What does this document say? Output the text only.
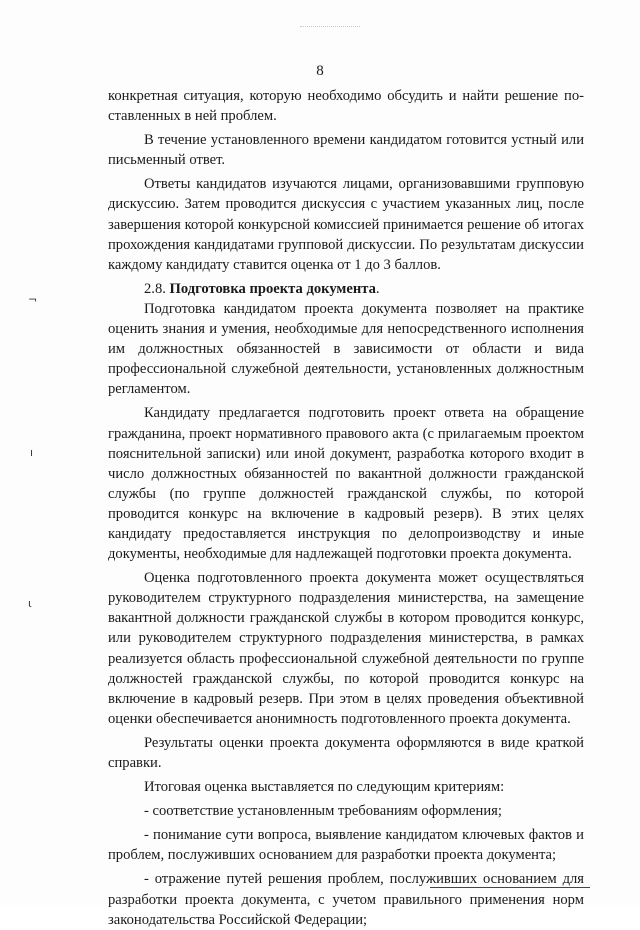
8
¬
ı
ɩ

конкретная ситуация, которую необходимо обсудить и найти решение поставленных в ней проблем.

В течение установленного времени кандидатом готовится устный или письменный ответ.

Ответы кандидатов изучаются лицами, организовавшими групповую дискуссию. Затем проводится дискуссия с участием указанных лиц, после завершения которой конкурсной комиссией принимается решение об итогах прохождения кандидатами групповой дискуссии. По результатам дискуссии каждому кандидату ставится оценка от 1 до 3 баллов.

2.8. Подготовка проекта документа.

Подготовка кандидатом проекта документа позволяет на практике оценить знания и умения, необходимые для непосредственного исполнения им должностных обязанностей в зависимости от области и вида профессиональной служебной деятельности, установленных должностным регламентом.

Кандидату предлагается подготовить проект ответа на обращение гражданина, проект нормативного правового акта (с прилагаемым проектом пояснительной записки) или иной документ, разработка которого входит в число должностных обязанностей по вакантной должности гражданской службы (по группе должностей гражданской службы, по которой проводится конкурс на включение в кадровый резерв). В этих целях кандидату предоставляется инструкция по делопроизводству и иные документы, необходимые для надлежащей подготовки проекта документа.

Оценка подготовленного проекта документа может осуществляться руководителем структурного подразделения министерства, на замещение вакантной должности гражданской службы в котором проводится конкурс, или руководителем структурного подразделения министерства, в рамках реализуется область профессиональной служебной деятельности по группе должностей гражданской службы, по которой проводится конкурс на включение в кадровый резерв. При этом в целях проведения объективной оценки обеспечивается анонимность подготовленного проекта документа.

Результаты оценки проекта документа оформляются в виде краткой справки.

Итоговая оценка выставляется по следующим критериям:

- соответствие установленным требованиям оформления;

- понимание сути вопроса, выявление кандидатом ключевых фактов и проблем, послуживших основанием для разработки проекта документа;

- отражение путей решения проблем, послуживших основанием для разработки проекта документа, с учетом правильного применения норм законодательства Российской Федерации;
